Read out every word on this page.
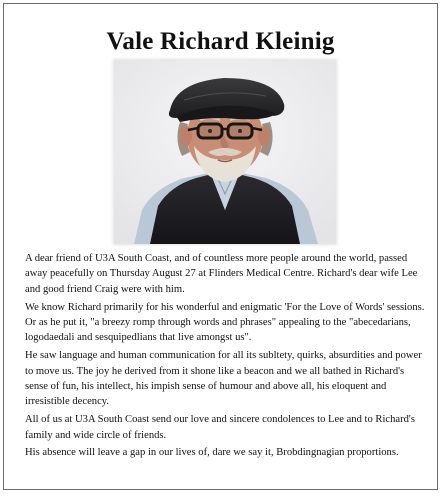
Vale Richard Kleinig

A dear friend of U3A South Coast, and of countless more people around the world, passed away peacefully on Thursday August 27 at Flinders Medical Centre. Richard's dear wife Lee and good friend Craig were with him.

We know Richard primarily for his wonderful and enigmatic 'For the Love of Words' sessions. Or as he put it, "a breezy romp through words and phrases" appealing to the "abecedarians, logodaedali and sesquipedlians that live amongst us".

He saw language and human communication for all its subltety, quirks, absurdities and power to move us. The joy he derived from it shone like a beacon and we all bathed in Richard's sense of fun, his intellect, his impish sense of humour and above all, his eloquent and irresistible decency.

All of us at U3A South Coast send our love and sincere condolences to Lee and to Richard's family and wide circle of friends.

His absence will leave a gap in our lives of, dare we say it, Brobdingnagian proportions.
